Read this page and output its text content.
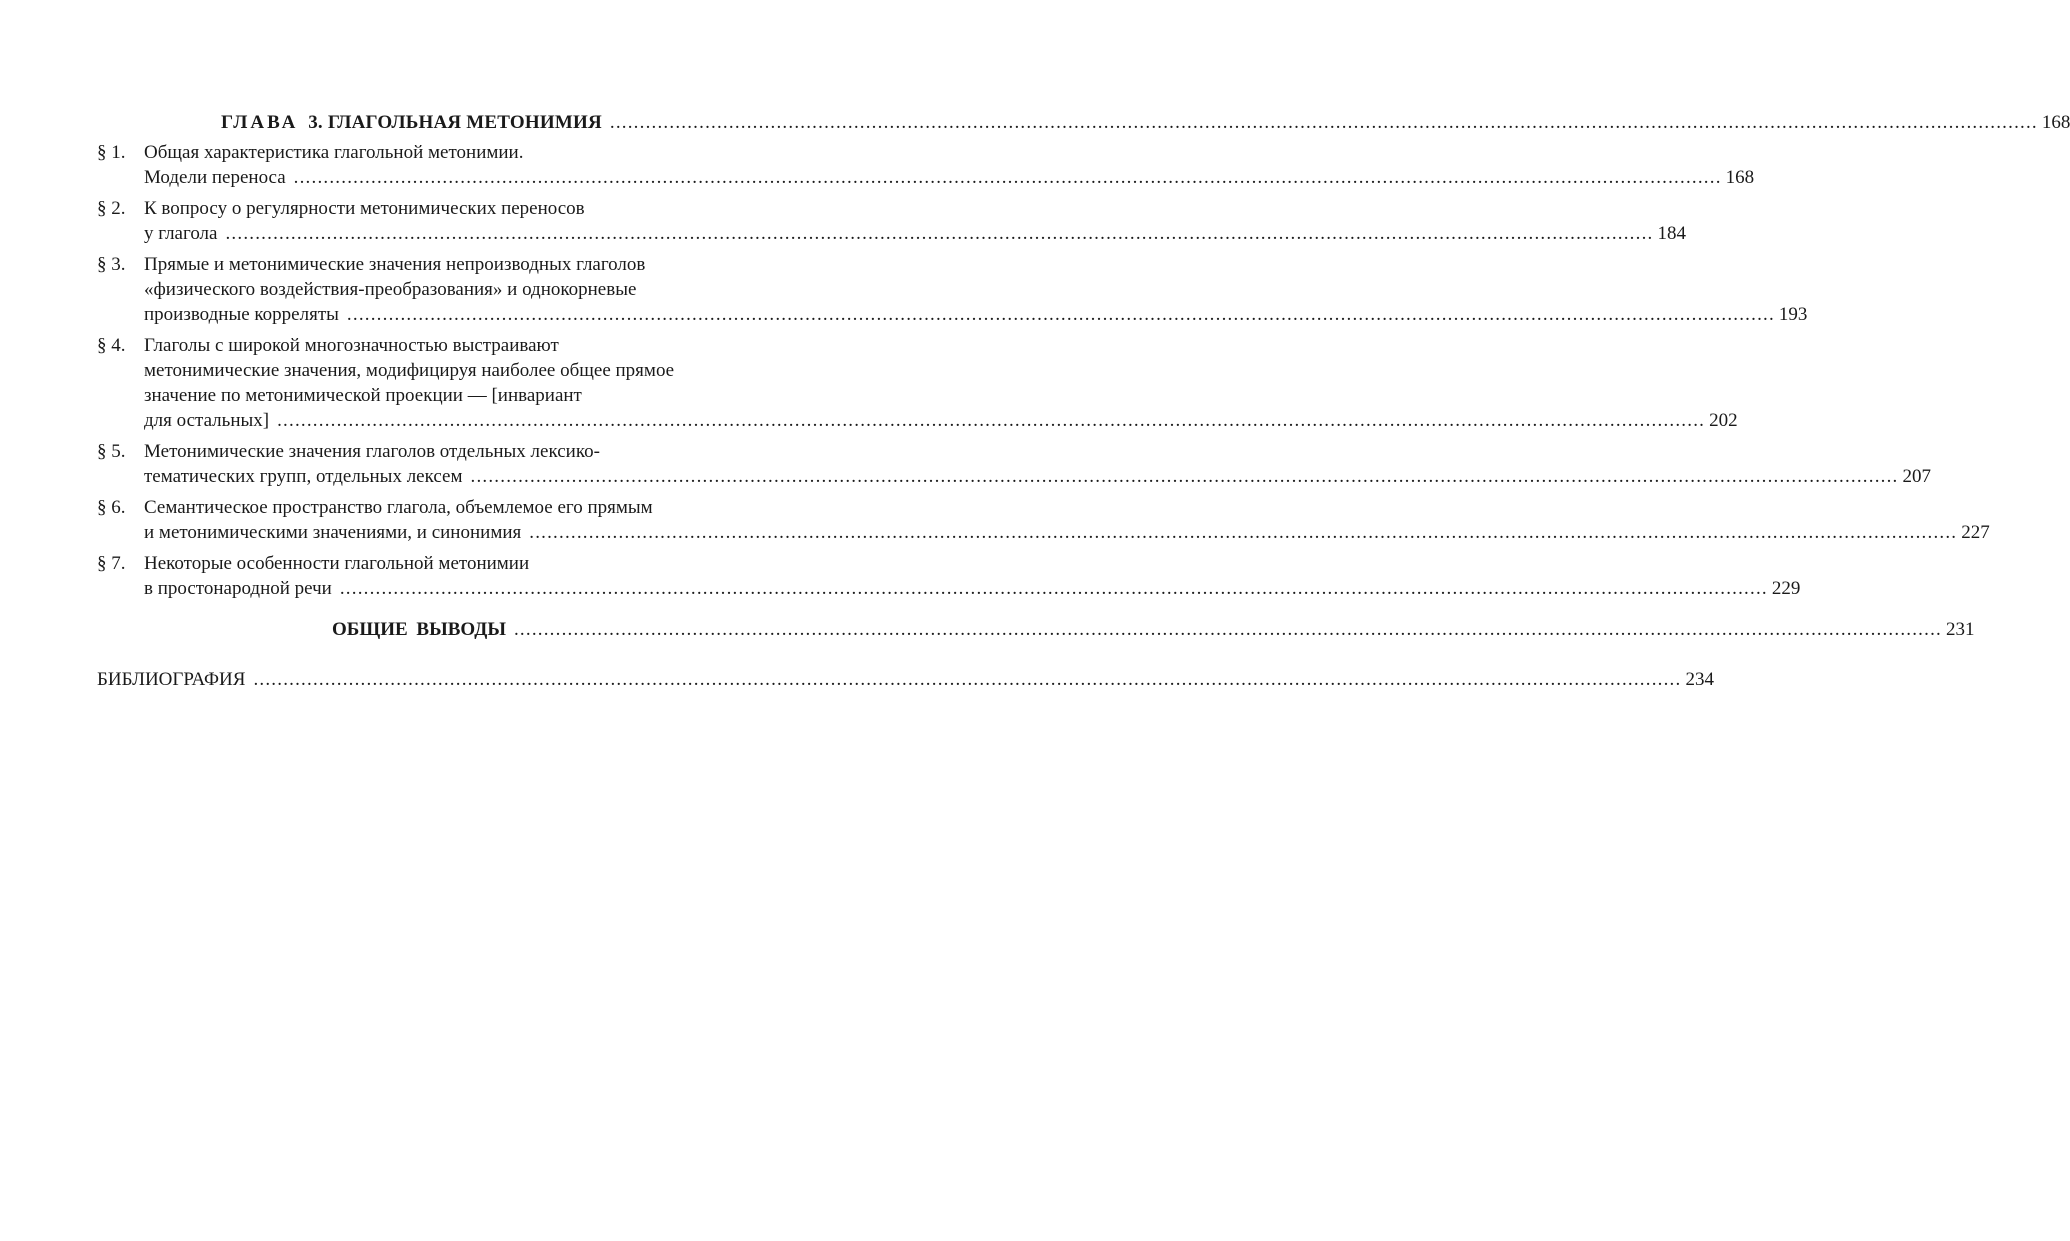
ГЛАВА 3. ГЛАГОЛЬНАЯ МЕТОНИМИЯ .....	168
§ 1. Общая характеристика глагольной метонимии.
Модели переноса .....	168
§ 2. К вопросу о регулярности метонимических переносов
у глагола .....	184
§ 3. Прямые и метонимические значения непроизводных глаголов
«физического воздействия-преобразования» и однокорневые
производные корреляты .....	193
§ 4. Глаголы с широкой многозначностью выстраивают
метонимические значения, модифицируя наиболее общее прямое
значение по метонимической проекции — [инвариант
для остальных] .....	202
§ 5. Метонимические значения глаголов отдельных лексико-
тематических групп, отдельных лексем .....	207
§ 6. Семантическое пространство глагола, объемлемое его прямым
и метонимическими значениями, и синонимия .....	227
§ 7. Некоторые особенности глагольной метонимии
в простонародной речи .....	229
ОБЩИЕ ВЫВОДЫ .....	231
БИБЛИОГРАФИЯ .....	234
